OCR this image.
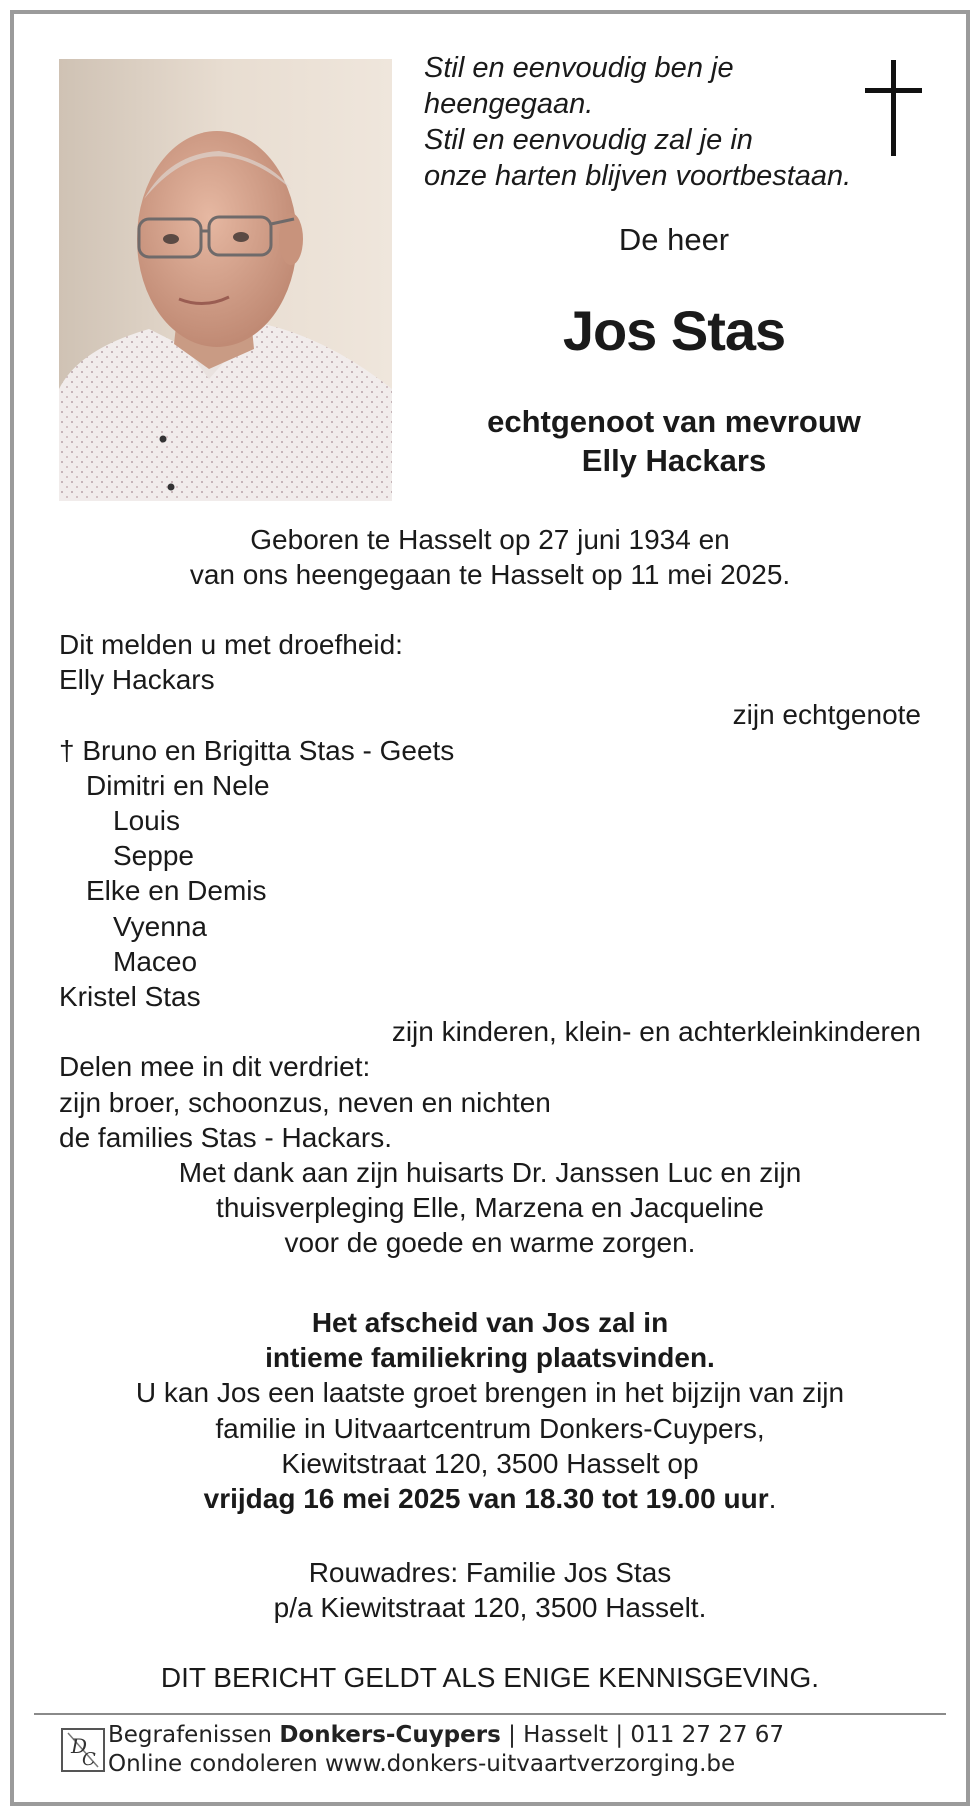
Stil en eenvoudig ben je
heengegaan.
Stil en eenvoudig zal je in
onze harten blijven voortbestaan.
De heer
Jos Stas
echtgenoot van mevrouw
Elly Hackars
Geboren te Hasselt op 27 juni 1934 en
van ons heengegaan te Hasselt op 11 mei 2025.
Dit melden u met droefheid:
Elly Hackars
zijn echtgenote
† Bruno en Brigitta Stas - Geets
Dimitri en Nele
Louis
Seppe
Elke en Demis
Vyenna
Maceo
Kristel Stas
zijn kinderen, klein- en achterkleinkinderen
Delen mee in dit verdriet:
zijn broer, schoonzus, neven en nichten
de families Stas - Hackars.
Met dank aan zijn huisarts Dr. Janssen Luc en zijn
thuisverpleging Elle, Marzena en Jacqueline
voor de goede en warme zorgen.
Het afscheid van Jos zal in
intieme familiekring plaatsvinden.
U kan Jos een laatste groet brengen in het bijzijn van zijn
familie in Uitvaartcentrum Donkers-Cuypers,
Kiewitstraat 120, 3500 Hasselt op
vrijdag 16 mei 2025 van 18.30 tot 19.00 uur.
Rouwadres: Familie Jos Stas
p/a Kiewitstraat 120, 3500 Hasselt.
DIT BERICHT GELDT ALS ENIGE KENNISGEVING.
D
C
Begrafenissen Donkers-Cuypers | Hasselt | 011 27 27 67
Online condoleren www.donkers-uitvaartverzorging.be
